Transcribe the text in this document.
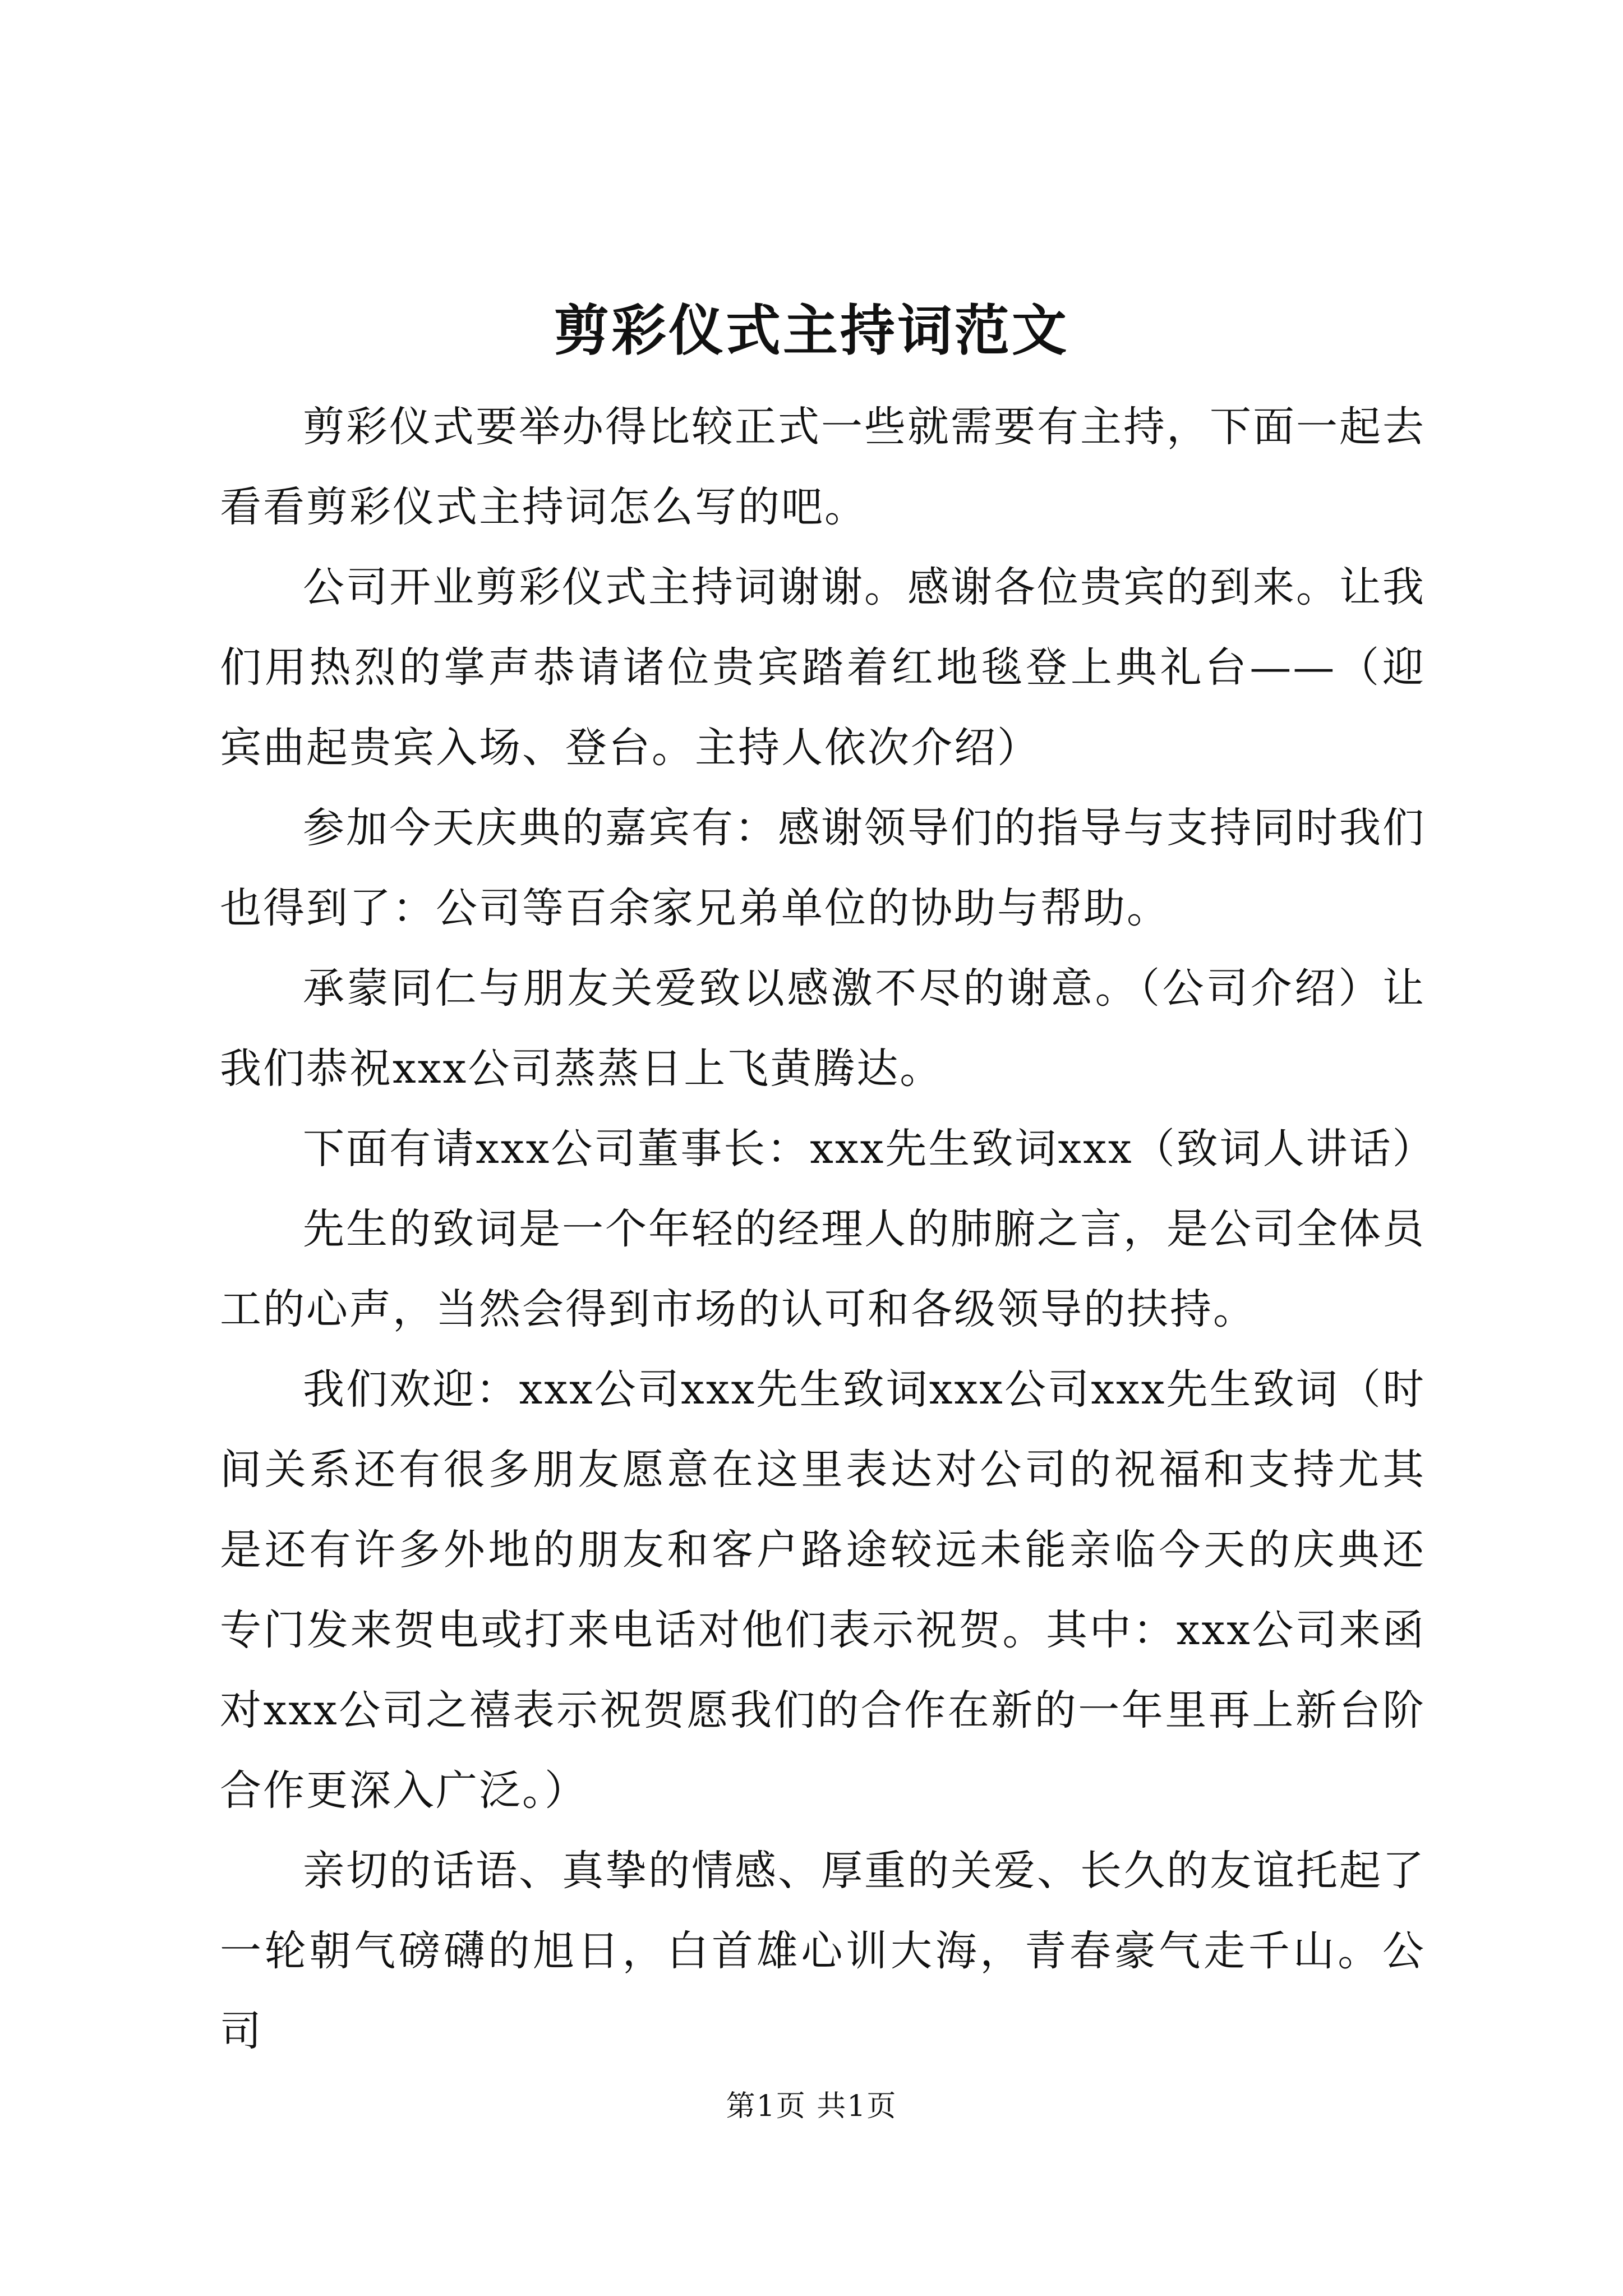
剪彩仪式主持词范文

剪彩仪式要举办得比较正式一些就需要有主持，下面一起去看看剪彩仪式主持词怎么写的吧。

公司开业剪彩仪式主持词谢谢。感谢各位贵宾的到来。让我们用热烈的掌声恭请诸位贵宾踏着红地毯登上典礼台——（迎宾曲起贵宾入场、登台。主持人依次介绍）

参加今天庆典的嘉宾有：感谢领导们的指导与支持同时我们也得到了：公司等百余家兄弟单位的协助与帮助。

承蒙同仁与朋友关爱致以感激不尽的谢意。（公司介绍）让我们恭祝xxx公司蒸蒸日上飞黄腾达。

下面有请xxx公司董事长：xxx先生致词xxx（致词人讲话）

先生的致词是一个年轻的经理人的肺腑之言，是公司全体员工的心声，当然会得到市场的认可和各级领导的扶持。

我们欢迎：xxx公司xxx先生致词xxx公司xxx先生致词（时间关系还有很多朋友愿意在这里表达对公司的祝福和支持尤其是还有许多外地的朋友和客户路途较远未能亲临今天的庆典还专门发来贺电或打来电话对他们表示祝贺。其中：xxx公司来函对xxx公司之禧表示祝贺愿我们的合作在新的一年里再上新台阶合作更深入广泛。）

亲切的话语、真挚的情感、厚重的关爱、长久的友谊托起了一轮朝气磅礴的旭日，白首雄心训大海，青春豪气走千山。公司

第1页 共1页
